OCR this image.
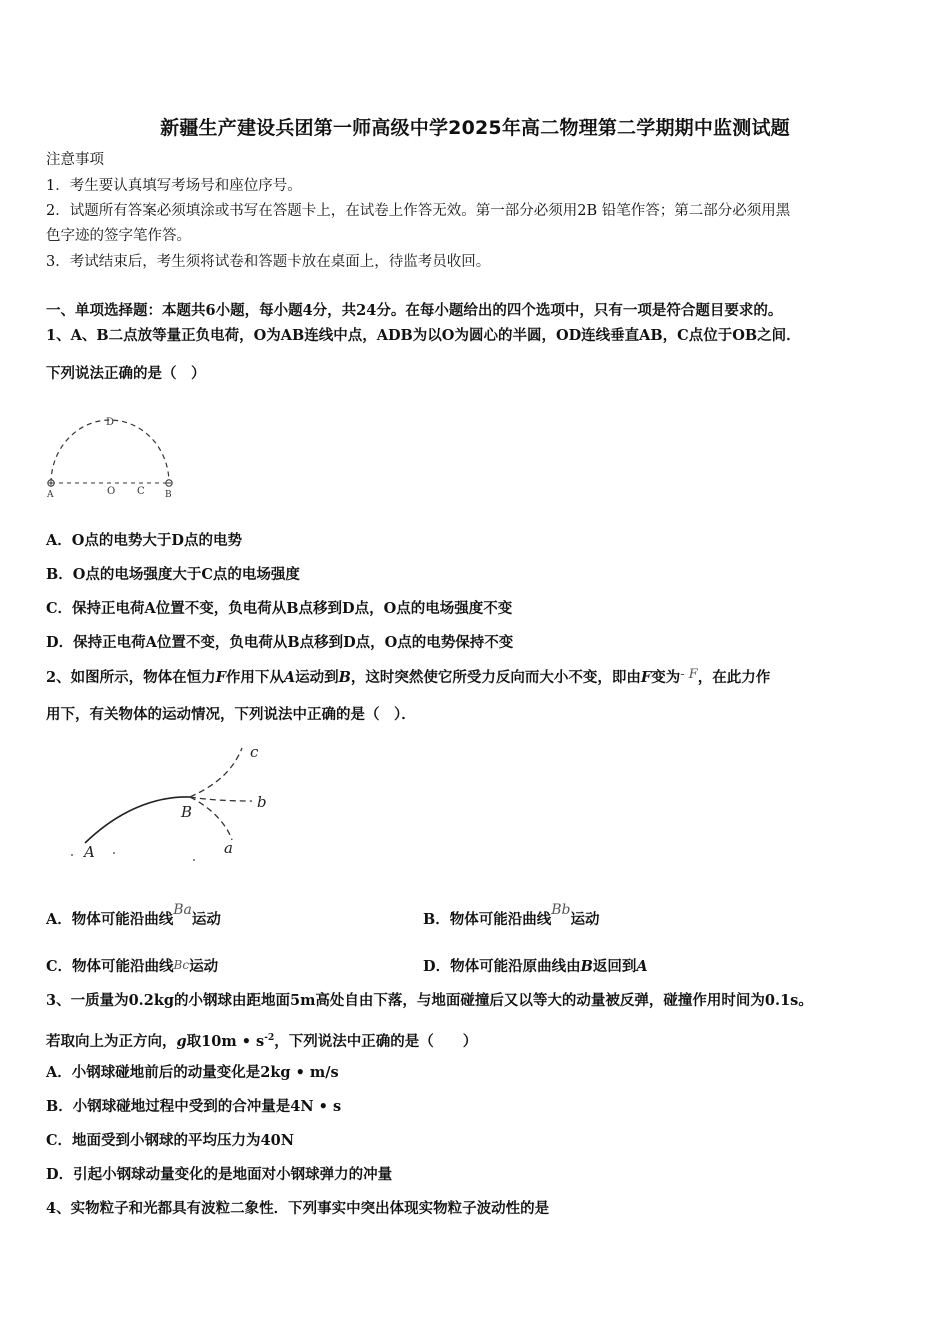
新疆生产建设兵团第一师高级中学2025年高二物理第二学期期中监测试题
注意事项
1．考生要认真填写考场号和座位序号。
2．试题所有答案必须填涂或书写在答题卡上，在试卷上作答无效。第一部分必须用2B 铅笔作答；第二部分必须用黑
色字迹的签字笔作答。
3．考试结束后，考生须将试卷和答题卡放在桌面上，待监考员收回。
一、单项选择题：本题共6小题，每小题4分，共24分。在每小题给出的四个选项中，只有一项是符合题目要求的。
1、A、B二点放等量正负电荷，O为AB连线中点，ADB为以O为圆心的半圆，OD连线垂直AB，C点位于OB之间．
下列说法正确的是（　）
D
A	O C B
A．O点的电势大于D点的电势
B．O点的电场强度大于C点的电场强度
C．保持正电荷A位置不变，负电荷从B点移到D点，O点的电场强度不变
D．保持正电荷A位置不变，负电荷从B点移到D点，O点的电势保持不变
2、如图所示，物体在恒力F作用下从A运动到B，这时突然使它所受力反向而大小不变，即由F变为- F，在此力作
用下，有关物体的运动情况，下列说法中正确的是（　）．
A
B
a
b
c
A．物体可能沿曲线Ba运动	B．物体可能沿曲线Bb运动
C．物体可能沿曲线Bc运动	D．物体可能沿原曲线由B返回到A
3、一质量为0.2kg的小钢球由距地面5m高处自由下落，与地面碰撞后又以等大的动量被反弹，碰撞作用时间为0.1s。
若取向上为正方向，g取10m • $s^{-2}$，下列说法中正确的是（　　）
A．小钢球碰地前后的动量变化是2kg • m/s
B．小钢球碰地过程中受到的合冲量是4N • s
C．地面受到小钢球的平均压力为40N
D．引起小钢球动量变化的是地面对小钢球弹力的冲量
4、实物粒子和光都具有波粒二象性．下列事实中突出体现实物粒子波动性的是
